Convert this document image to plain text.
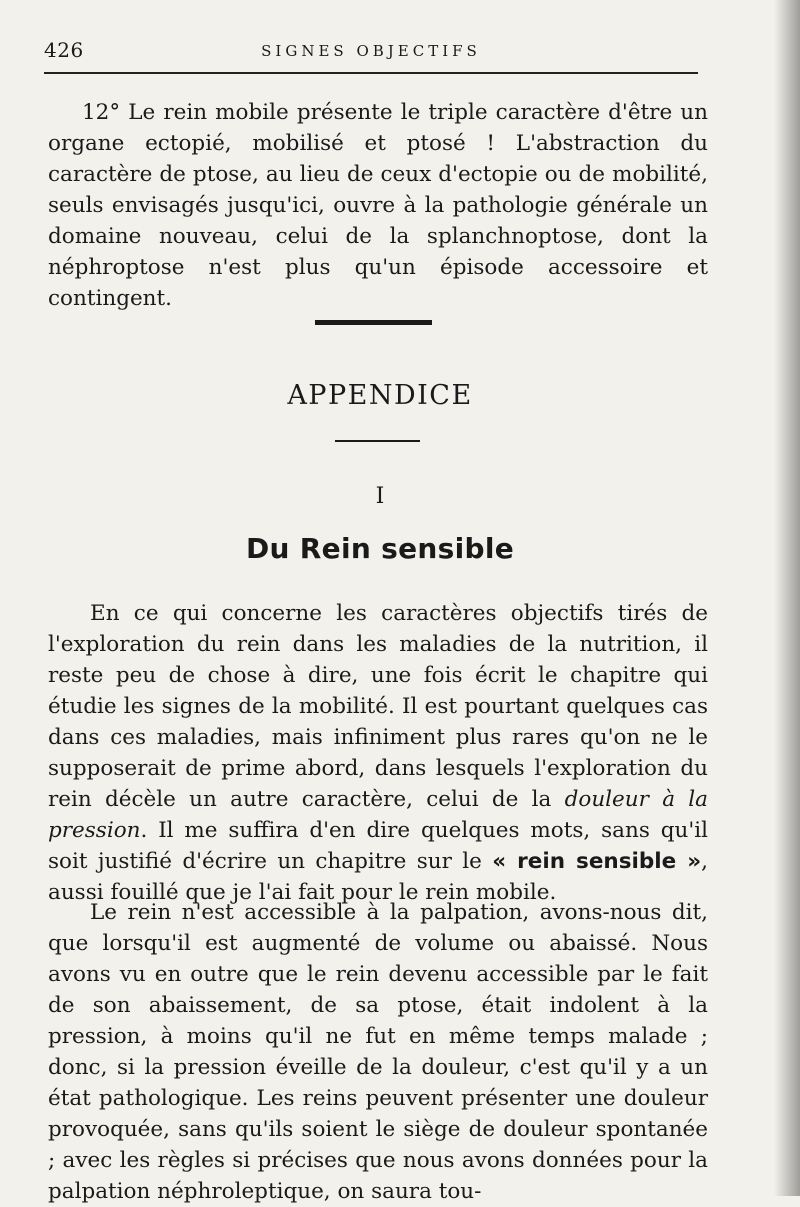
426	SIGNES OBJECTIFS

12° Le rein mobile présente le triple caractère d'être un organe ectopié, mobilisé et ptosé ! L'abstraction du caractère de ptose, au lieu de ceux d'ectopie ou de mobilité, seuls envisagés jusqu'ici, ouvre à la pathologie générale un domaine nouveau, celui de la splanchnoptose, dont la néphroptose n'est plus qu'un épisode accessoire et contingent.

APPENDICE
I
Du Rein sensible

En ce qui concerne les caractères objectifs tirés de l'exploration du rein dans les maladies de la nutrition, il reste peu de chose à dire, une fois écrit le chapitre qui étudie les signes de la mobilité. Il est pourtant quelques cas dans ces maladies, mais infiniment plus rares qu'on ne le supposerait de prime abord, dans lesquels l'exploration du rein décèle un autre caractère, celui de la douleur à la pression. Il me suffira d'en dire quelques mots, sans qu'il soit justifié d'écrire un chapitre sur le « rein sensible », aussi fouillé que je l'ai fait pour le rein mobile.

Le rein n'est accessible à la palpation, avons-nous dit, que lorsqu'il est augmenté de volume ou abaissé. Nous avons vu en outre que le rein devenu accessible par le fait de son abaissement, de sa ptose, était indolent à la pression, à moins qu'il ne fut en même temps malade ; donc, si la pression éveille de la douleur, c'est qu'il y a un état pathologique. Les reins peuvent présenter une douleur provoquée, sans qu'ils soient le siège de douleur spontanée ; avec les règles si précises que nous avons données pour la palpation néphroleptique, on saura tou-
